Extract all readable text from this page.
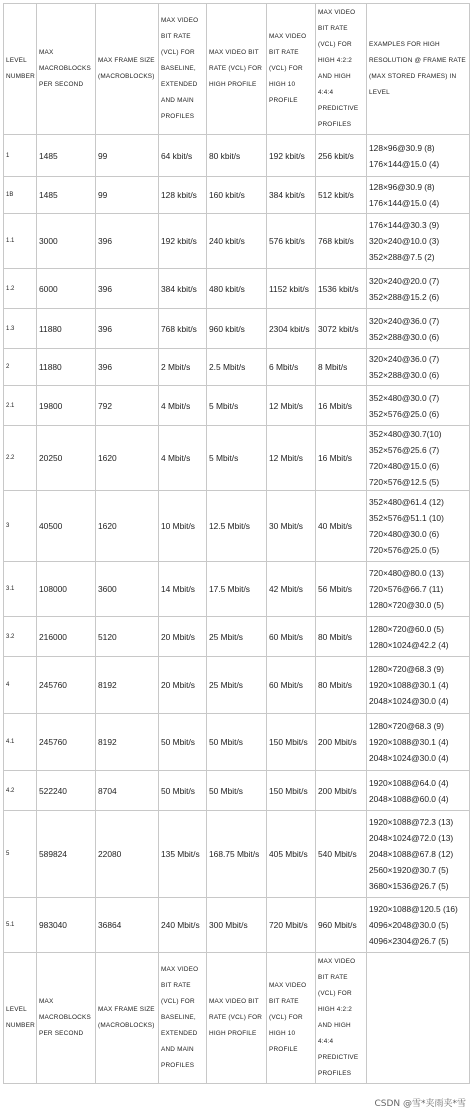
LEVEL NUMBER	MAX MACROBLOCKS PER SECOND	MAX FRAME SIZE (MACROBLOCKS)	MAX VIDEO BIT RATE (VCL) FOR BASELINE, EXTENDED AND MAIN PROFILES	MAX VIDEO BIT RATE (VCL) FOR HIGH PROFILE	MAX VIDEO BIT RATE (VCL) FOR HIGH 10 PROFILE	MAX VIDEO BIT RATE (VCL) FOR HIGH 4:2:2 AND HIGH 4:4:4 PREDICTIVE PROFILES	EXAMPLES FOR HIGH RESOLUTION @ FRAME RATE (MAX STORED FRAMES) IN LEVEL
1	1485	99	64 kbit/s	80 kbit/s	192 kbit/s	256 kbit/s	128×96@30.9 (8)
176×144@15.0 (4)

1B	1485	99	128 kbit/s	160 kbit/s	384 kbit/s	512 kbit/s	128×96@30.9 (8)
176×144@15.0 (4)

1.1	3000	396	192 kbit/s	240 kbit/s	576 kbit/s	768 kbit/s	176×144@30.3 (9)
320×240@10.0 (3)
352×288@7.5 (2)

1.2	6000	396	384 kbit/s	480 kbit/s	1152 kbit/s	1536 kbit/s	320×240@20.0 (7)
352×288@15.2 (6)

1.3	11880	396	768 kbit/s	960 kbit/s	2304 kbit/s	3072 kbit/s	320×240@36.0 (7)
352×288@30.0 (6)

2	11880	396	2 Mbit/s	2.5 Mbit/s	6 Mbit/s	8 Mbit/s	320×240@36.0 (7)
352×288@30.0 (6)

2.1	19800	792	4 Mbit/s	5 Mbit/s	12 Mbit/s	16 Mbit/s	352×480@30.0 (7)
352×576@25.0 (6)

2.2	20250	1620	4 Mbit/s	5 Mbit/s	12 Mbit/s	16 Mbit/s	352×480@30.7(10)
352×576@25.6 (7)
720×480@15.0 (6)
720×576@12.5 (5)

3	40500	1620	10 Mbit/s	12.5 Mbit/s	30 Mbit/s	40 Mbit/s	352×480@61.4 (12)
352×576@51.1 (10)
720×480@30.0 (6)
720×576@25.0 (5)

3.1	108000	3600	14 Mbit/s	17.5 Mbit/s	42 Mbit/s	56 Mbit/s	720×480@80.0 (13)
720×576@66.7 (11)
1280×720@30.0 (5)

3.2	216000	5120	20 Mbit/s	25 Mbit/s	60 Mbit/s	80 Mbit/s	1280×720@60.0 (5)
1280×1024@42.2 (4)

4	245760	8192	20 Mbit/s	25 Mbit/s	60 Mbit/s	80 Mbit/s	1280×720@68.3 (9)
1920×1088@30.1 (4)
2048×1024@30.0 (4)

4.1	245760	8192	50 Mbit/s	50 Mbit/s	150 Mbit/s	200 Mbit/s	1280×720@68.3 (9)
1920×1088@30.1 (4)
2048×1024@30.0 (4)

4.2	522240	8704	50 Mbit/s	50 Mbit/s	150 Mbit/s	200 Mbit/s	1920×1088@64.0 (4)
2048×1088@60.0 (4)

5	589824	22080	135 Mbit/s	168.75 Mbit/s	405 Mbit/s	540 Mbit/s	1920×1088@72.3 (13)
2048×1024@72.0 (13)
2048×1088@67.8 (12)
2560×1920@30.7 (5)
3680×1536@26.7 (5)

5.1	983040	36864	240 Mbit/s	300 Mbit/s	720 Mbit/s	960 Mbit/s	1920×1088@120.5 (16)
4096×2048@30.0 (5)
4096×2304@26.7 (5)

LEVEL NUMBER	MAX MACROBLOCKS PER SECOND	MAX FRAME SIZE (MACROBLOCKS)	MAX VIDEO BIT RATE (VCL) FOR BASELINE, EXTENDED AND MAIN PROFILES	MAX VIDEO BIT RATE (VCL) FOR HIGH PROFILE	MAX VIDEO BIT RATE (VCL) FOR HIGH 10 PROFILE	MAX VIDEO BIT RATE (VCL) FOR HIGH 4:2:2 AND HIGH 4:4:4 PREDICTIVE PROFILES	
CSDN @雪*夹雨夹*雪
